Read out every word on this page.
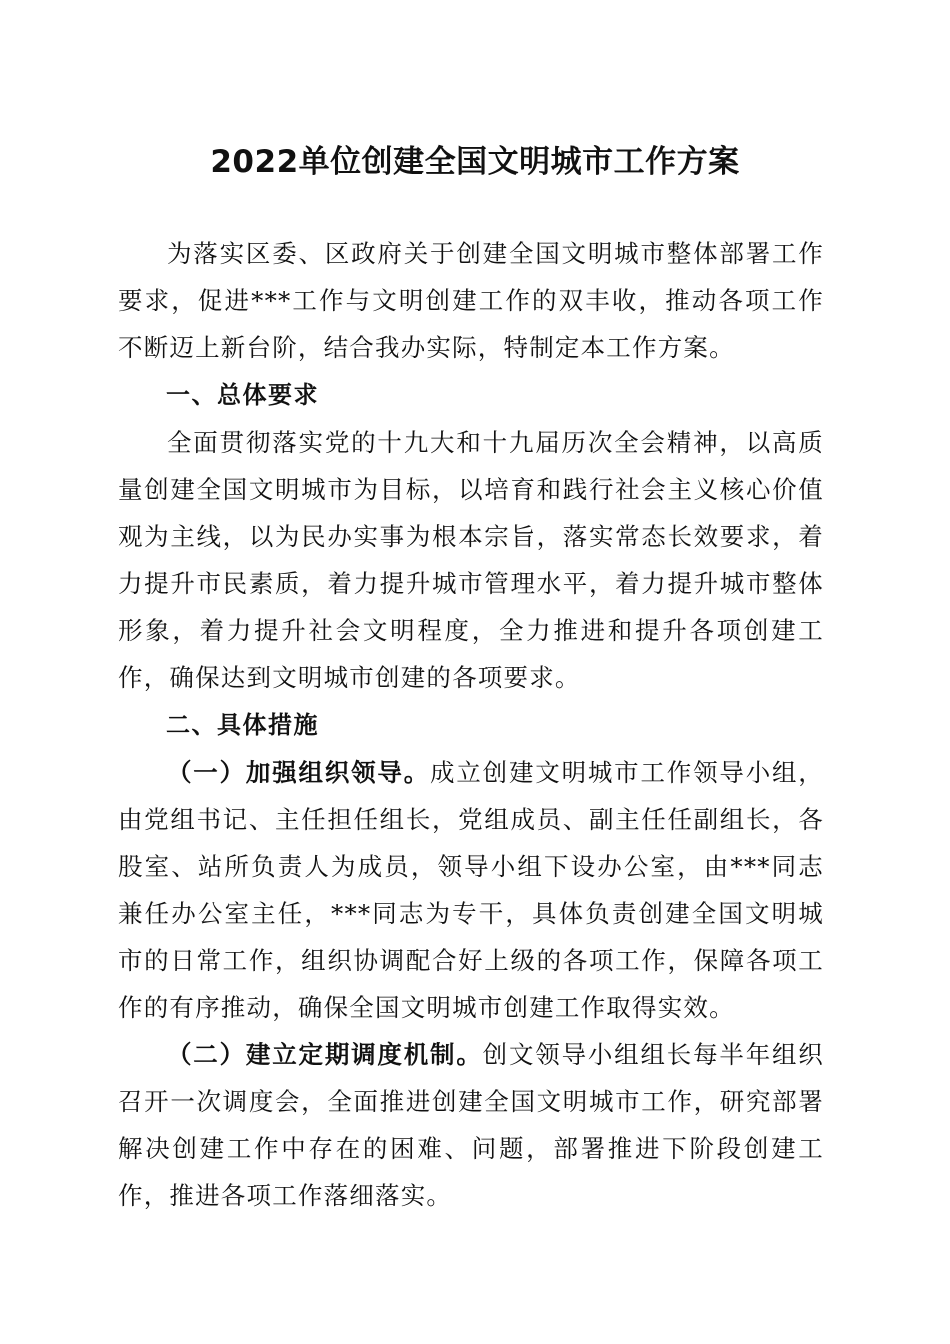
2022单位创建全国文明城市工作方案

为落实区委、区政府关于创建全国文明城市整体部署工作要求，促进***工作与文明创建工作的双丰收，推动各项工作不断迈上新台阶，结合我办实际，特制定本工作方案。

一、总体要求

全面贯彻落实党的十九大和十九届历次全会精神，以高质量创建全国文明城市为目标，以培育和践行社会主义核心价值观为主线，以为民办实事为根本宗旨，落实常态长效要求，着力提升市民素质，着力提升城市管理水平，着力提升城市整体形象，着力提升社会文明程度，全力推进和提升各项创建工作，确保达到文明城市创建的各项要求。

二、具体措施

（一）加强组织领导。成立创建文明城市工作领导小组，由党组书记、主任担任组长，党组成员、副主任任副组长，各股室、站所负责人为成员，领导小组下设办公室，由***同志兼任办公室主任，***同志为专干，具体负责创建全国文明城市的日常工作，组织协调配合好上级的各项工作，保障各项工作的有序推动，确保全国文明城市创建工作取得实效。

（二）建立定期调度机制。创文领导小组组长每半年组织召开一次调度会，全面推进创建全国文明城市工作，研究部署解决创建工作中存在的困难、问题，部署推进下阶段创建工作，推进各项工作落细落实。
